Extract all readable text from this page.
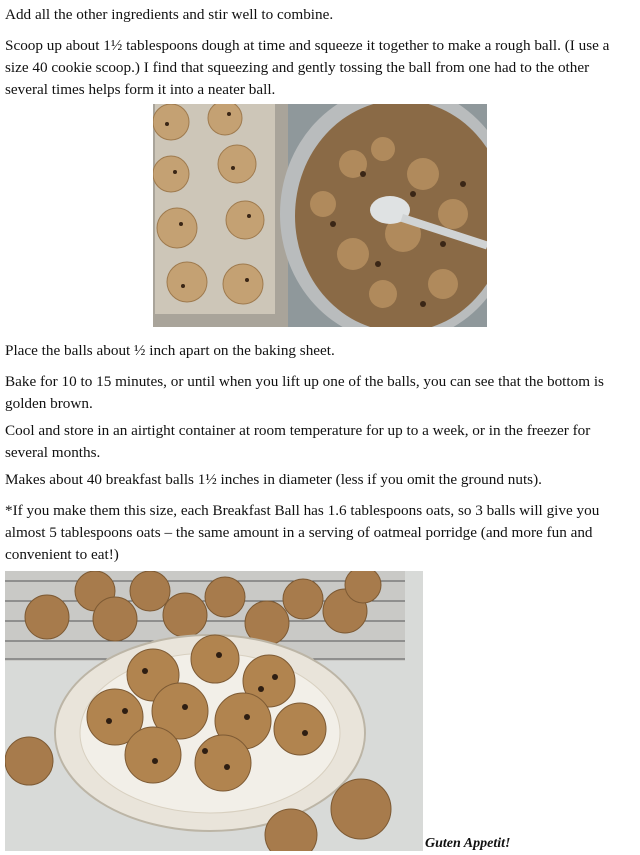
Add all the other ingredients and stir well to combine.

Scoop up about 1½ tablespoons dough at time and squeeze it together to make a rough ball. (I use a size 40 cookie scoop.) I find that squeezing and gently tossing the ball from one had to the other several times helps form it into a neater ball.

Place the balls about ½ inch apart on the baking sheet.

Bake for 10 to 15 minutes, or until when you lift up one of the balls, you can see that the bottom is golden brown.

Cool and store in an airtight container at room temperature for up to a week, or in the freezer for several months.

Makes about 40 breakfast balls 1½ inches in diameter (less if you omit the ground nuts).

*If you make them this size, each Breakfast Ball has 1.6 tablespoons oats, so 3 balls will give you almost 5 tablespoons oats – the same amount in a serving of oatmeal porridge (and more fun and convenient to eat!)

Guten Appetit!
